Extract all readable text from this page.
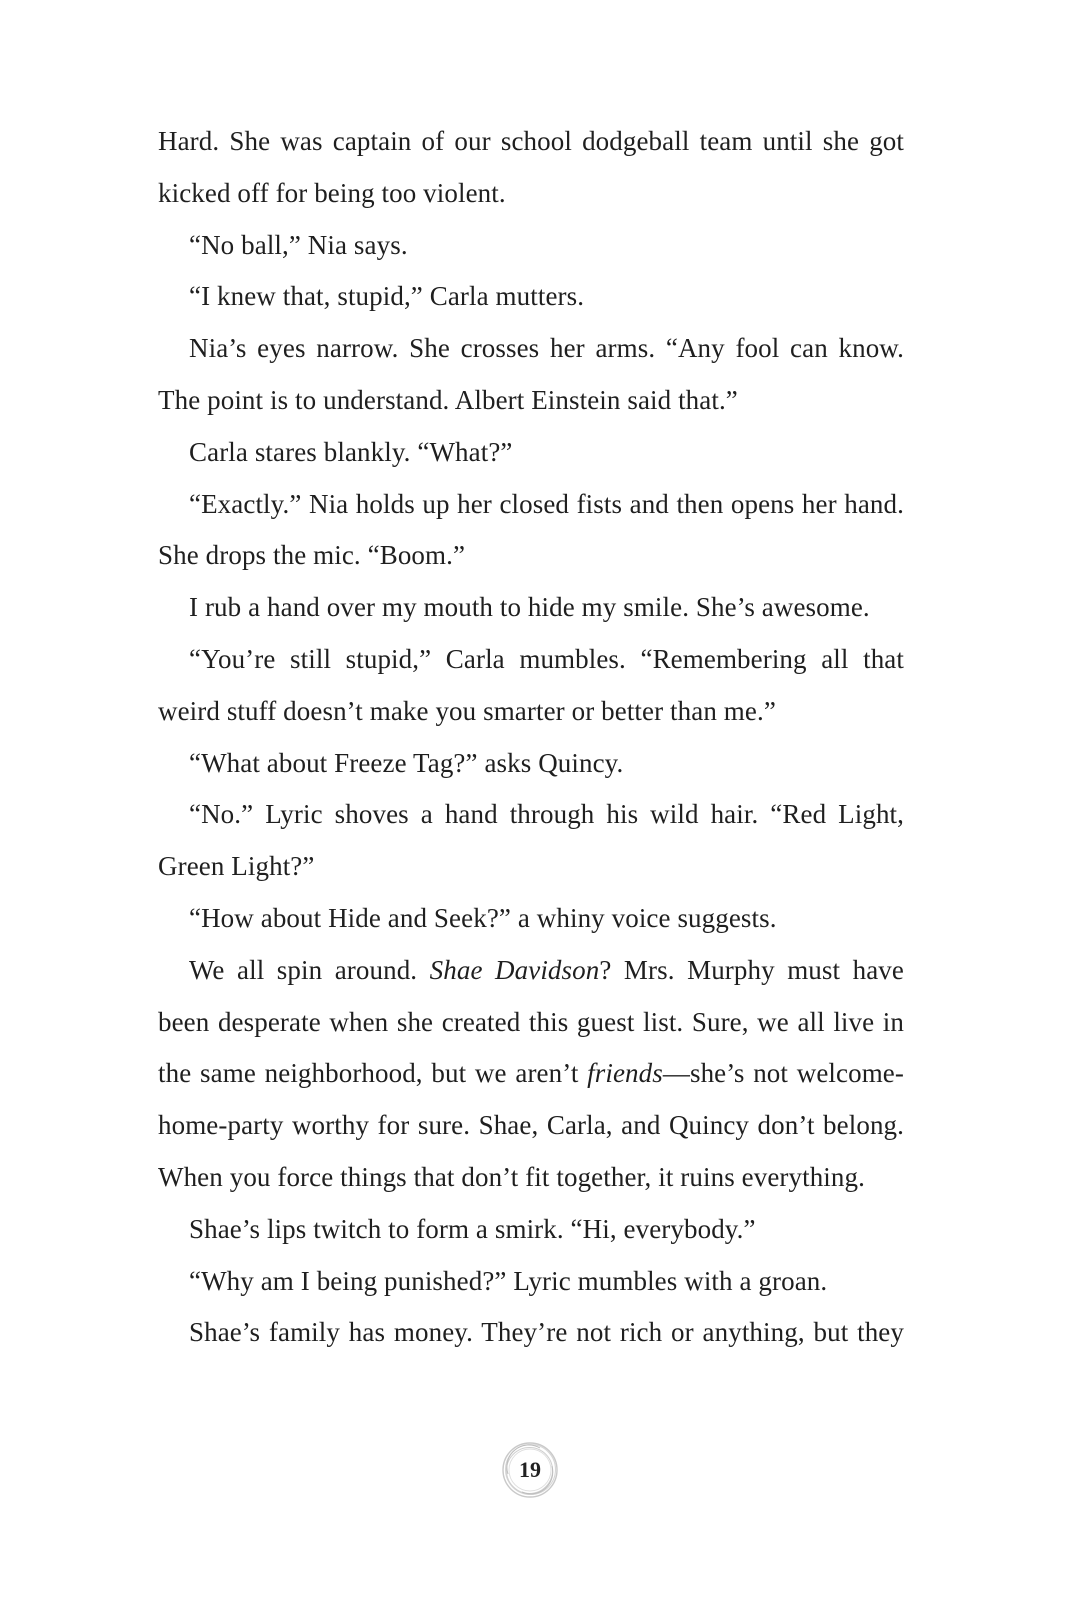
Hard. She was captain of our school dodgeball team until she got kicked off for being too violent.

“No ball,” Nia says.

“I knew that, stupid,” Carla mutters.

Nia’s eyes narrow. She crosses her arms. “Any fool can know. The point is to understand. Albert Einstein said that.”

Carla stares blankly. “What?”

“Exactly.” Nia holds up her closed fists and then opens her hand. She drops the mic. “Boom.”

I rub a hand over my mouth to hide my smile. She’s awesome.

“You’re still stupid,” Carla mumbles. “Remembering all that weird stuff doesn’t make you smarter or better than me.”

“What about Freeze Tag?” asks Quincy.

“No.” Lyric shoves a hand through his wild hair. “Red Light, Green Light?”

“How about Hide and Seek?” a whiny voice suggests.

We all spin around. Shae Davidson? Mrs. Murphy must have been desperate when she created this guest list. Sure, we all live in the same neighborhood, but we aren’t friends—she’s not welcome-home-party worthy for sure. Shae, Carla, and Quincy don’t belong. When you force things that don’t fit together, it ruins everything.

Shae’s lips twitch to form a smirk. “Hi, everybody.”

“Why am I being punished?” Lyric mumbles with a groan.

Shae’s family has money. They’re not rich or anything, but they

19
